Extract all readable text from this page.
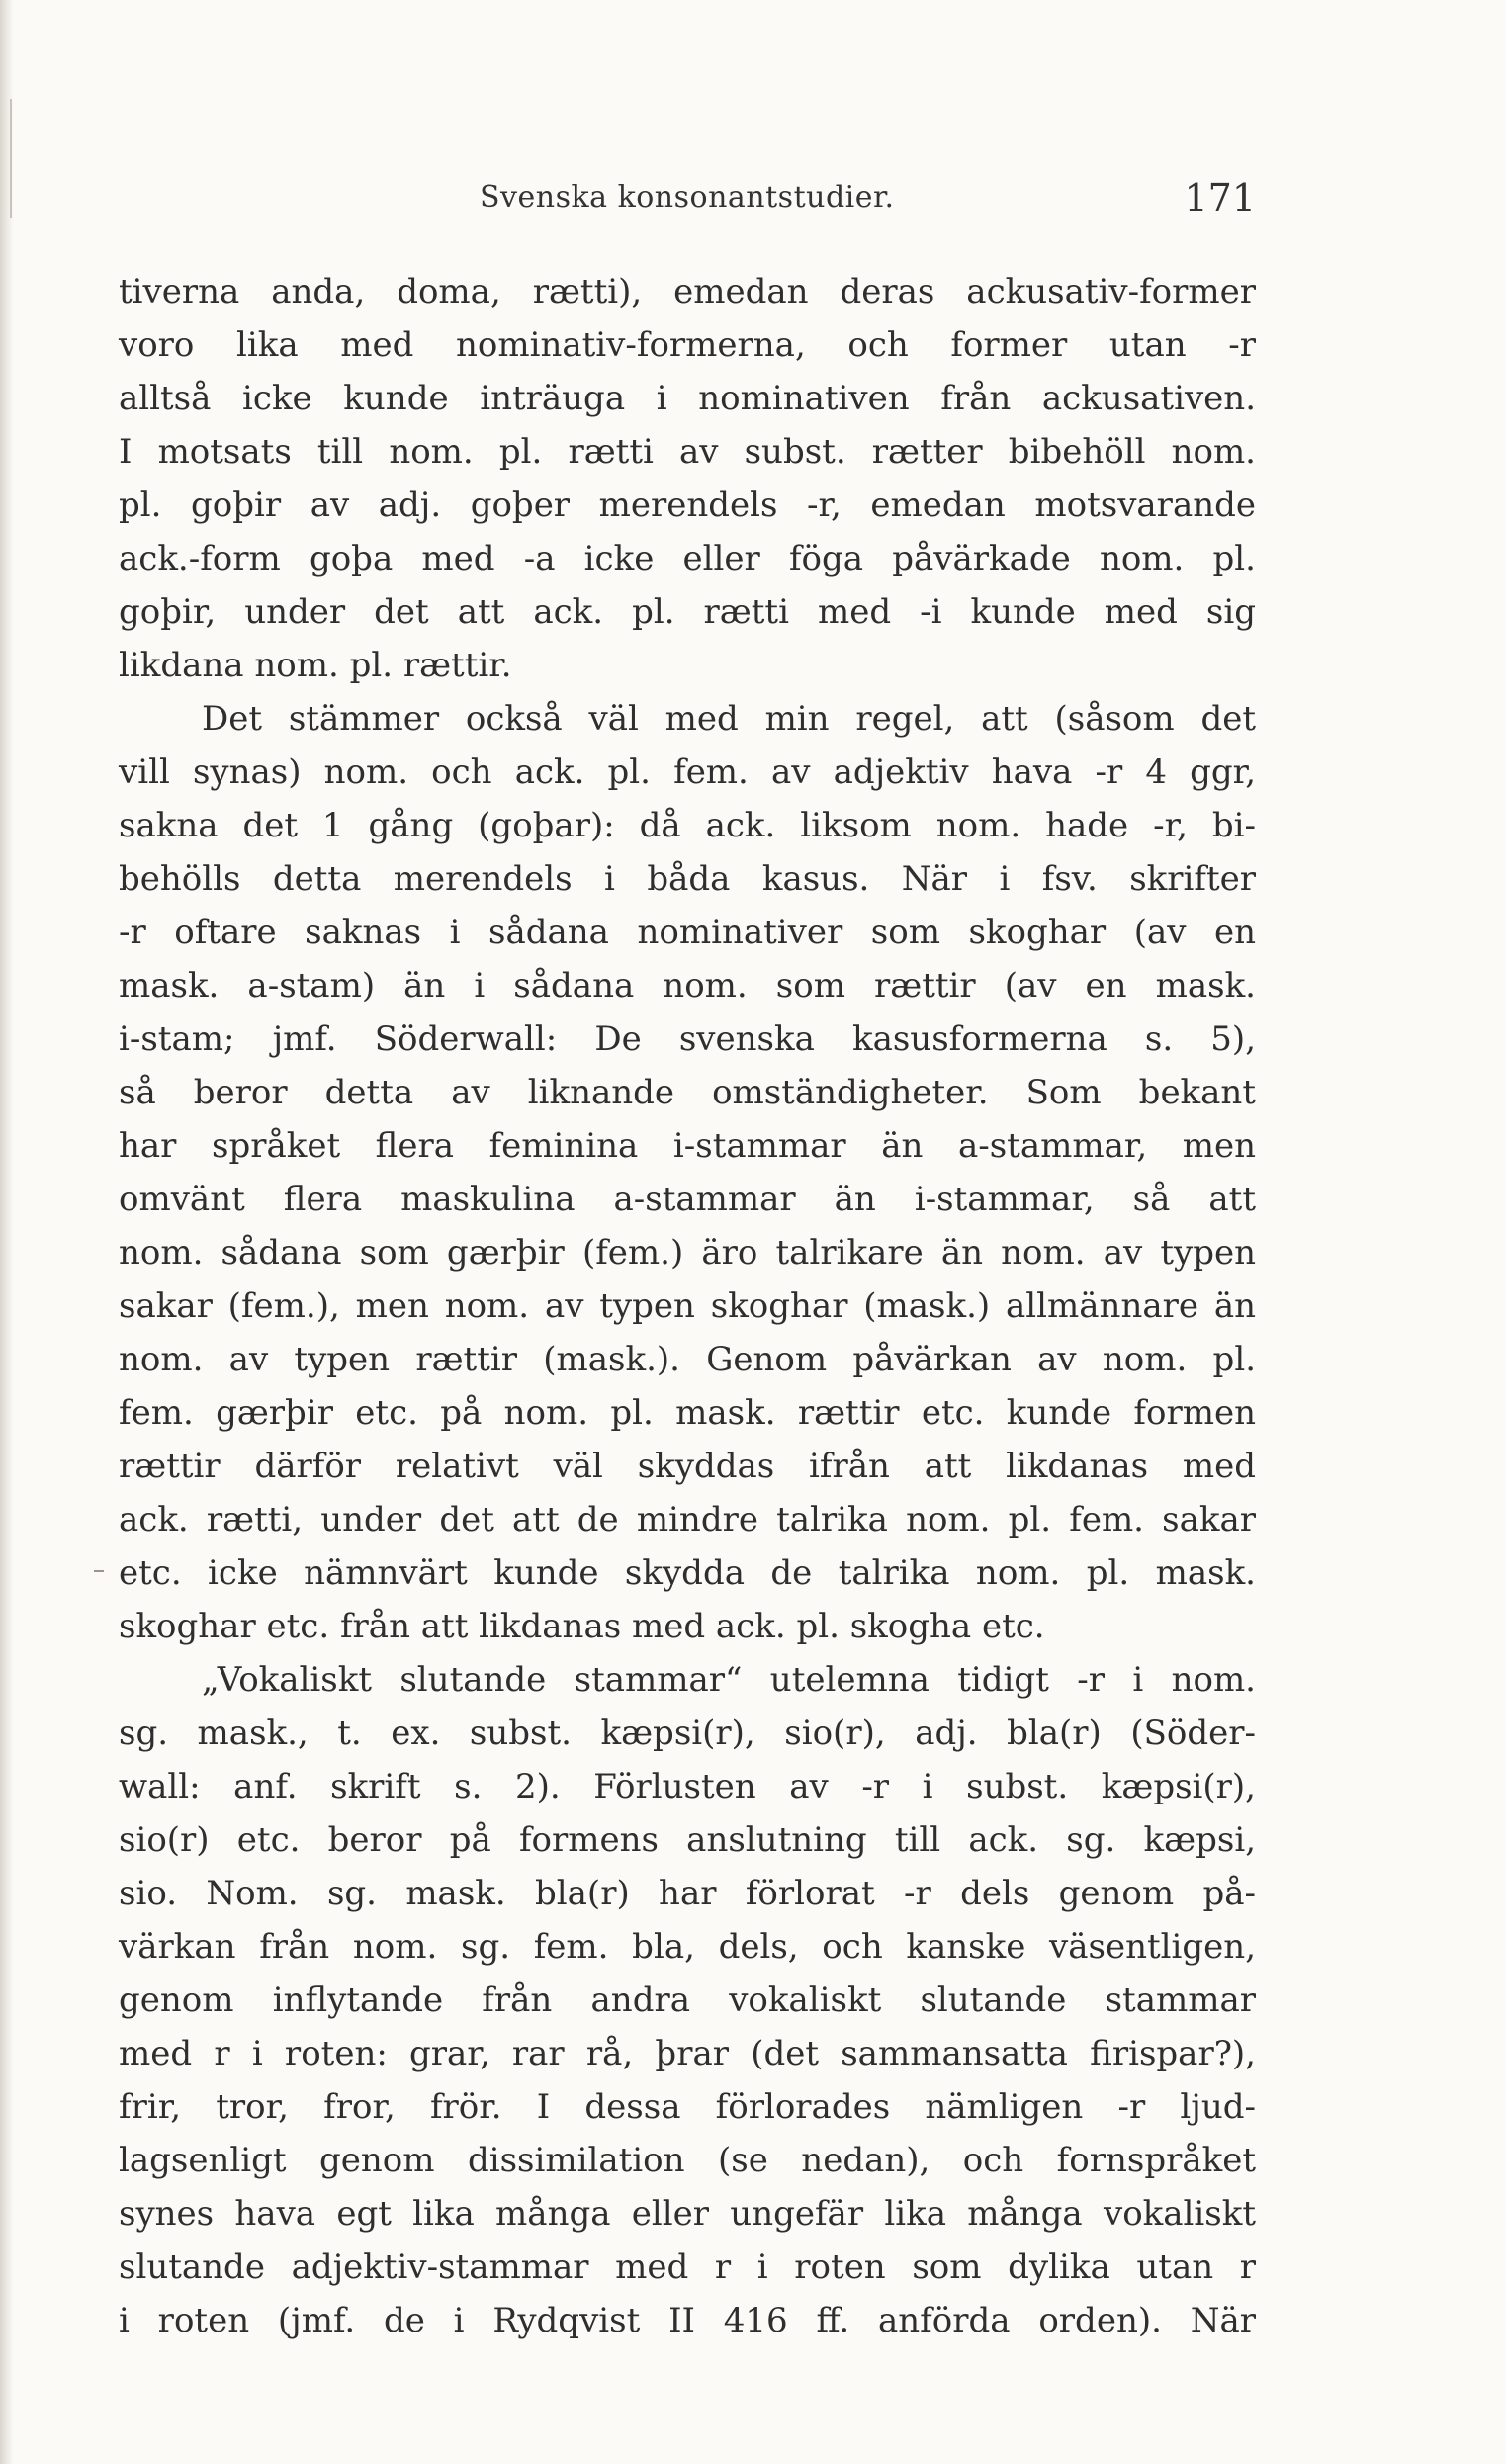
Svenska konsonantstudier.	171
tiverna anda, doma, rætti), emedan deras ackusativ-former
voro lika med nominativ-formerna, och former utan -r
alltså icke kunde inträuga i nominativen från ackusativen.
I motsats till nom. pl. rætti av subst. rætter bibehöll nom.
pl. goþir av adj. goþer merendels -r, emedan motsvarande
ack.-form goþa med -a icke eller föga påvärkade nom. pl.
goþir, under det att ack. pl. rætti med -i kunde med sig
likdana nom. pl. rættir.
Det stämmer också väl med min regel, att (såsom det
vill synas) nom. och ack. pl. fem. av adjektiv hava -r 4 ggr,
sakna det 1 gång (goþar): då ack. liksom nom. hade -r, bi-
behölls detta merendels i båda kasus. När i fsv. skrifter
-r oftare saknas i sådana nominativer som skoghar (av en
mask. a-stam) än i sådana nom. som rættir (av en mask.
i-stam; jmf. Söderwall: De svenska kasusformerna s. 5),
så beror detta av liknande omständigheter. Som bekant
har språket flera feminina i-stammar än a-stammar, men
omvänt flera maskulina a-stammar än i-stammar, så att
nom. sådana som gærþir (fem.) äro talrikare än nom. av typen
sakar (fem.), men nom. av typen skoghar (mask.) allmännare än
nom. av typen rættir (mask.). Genom påvärkan av nom. pl.
fem. gærþir etc. på nom. pl. mask. rættir etc. kunde formen
rættir därför relativt väl skyddas ifrån att likdanas med
ack. rætti, under det att de mindre talrika nom. pl. fem. sakar
etc. icke nämnvärt kunde skydda de talrika nom. pl. mask.
skoghar etc. från att likdanas med ack. pl. skogha etc.
„Vokaliskt slutande stammar“ utelemna tidigt -r i nom.
sg. mask., t. ex. subst. kæpsi(r), sio(r), adj. bla(r) (Söder-
wall: anf. skrift s. 2). Förlusten av -r i subst. kæpsi(r),
sio(r) etc. beror på formens anslutning till ack. sg. kæpsi,
sio. Nom. sg. mask. bla(r) har förlorat -r dels genom på-
värkan från nom. sg. fem. bla, dels, och kanske väsentligen,
genom inflytande från andra vokaliskt slutande stammar
med r i roten: grar, rar rå, þrar (det sammansatta firispar?),
frir, tror, fror, frör. I dessa förlorades nämligen -r ljud-
lagsenligt genom dissimilation (se nedan), och fornspråket
synes hava egt lika många eller ungefär lika många vokaliskt
slutande adjektiv-stammar med r i roten som dylika utan r
i roten (jmf. de i Rydqvist II 416 ff. anförda orden). När
